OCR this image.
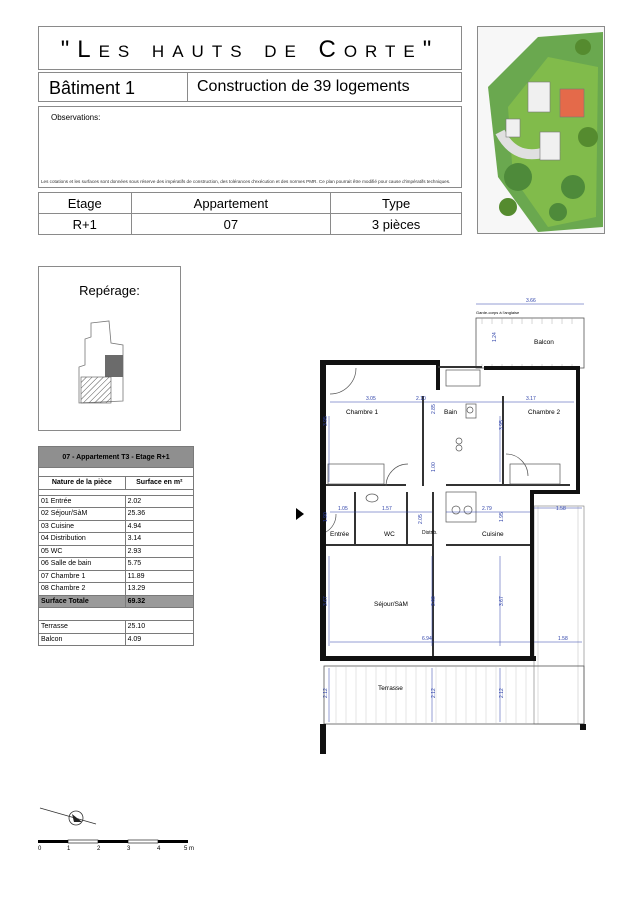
"Les hauts de Corte"
Bâtiment 1	Construction de 39 logements
Observations:
Les cotations et les surfaces sont données sous réserve des impératifs de construction, des tolérances d'exécution et des normes PMR. Ce plan pourrait être modifié pour cause d'impératifs techniques.
Etage	Appartement	Type
R+1	07	3 pièces
Repérage:
07 - Appartement T3 - Etage R+1	

Nature de la pièce	Surface en m²

01 Entrée	2.02
02 Séjour/SàM	25.36
03 Cuisine	4.94
04 Distribution	3.14
05 WC	2.93
06 Salle de bain	5.75
07 Chambre 1	11.89
08 Chambre 2	13.29
Surface Totale	69.32

Terrasse	25.10
Balcon	4.09
3.66
1.24
3.05	2.10	3.17
3.95
2.85
3.95
1.00
1.05	1.57
2.05
2.79
1.95
1.58
1.90
3.67	3.68	3.67
6.94	1.58
2.12	2.12	2.12
Garde-corps à l'anglaise
Balcon
Chambre 1	Bain	Chambre 2
Entrée	WC	Distrib.	Cuisine
Séjour/SàM
Terrasse
0	1	2	3	4	5 m
